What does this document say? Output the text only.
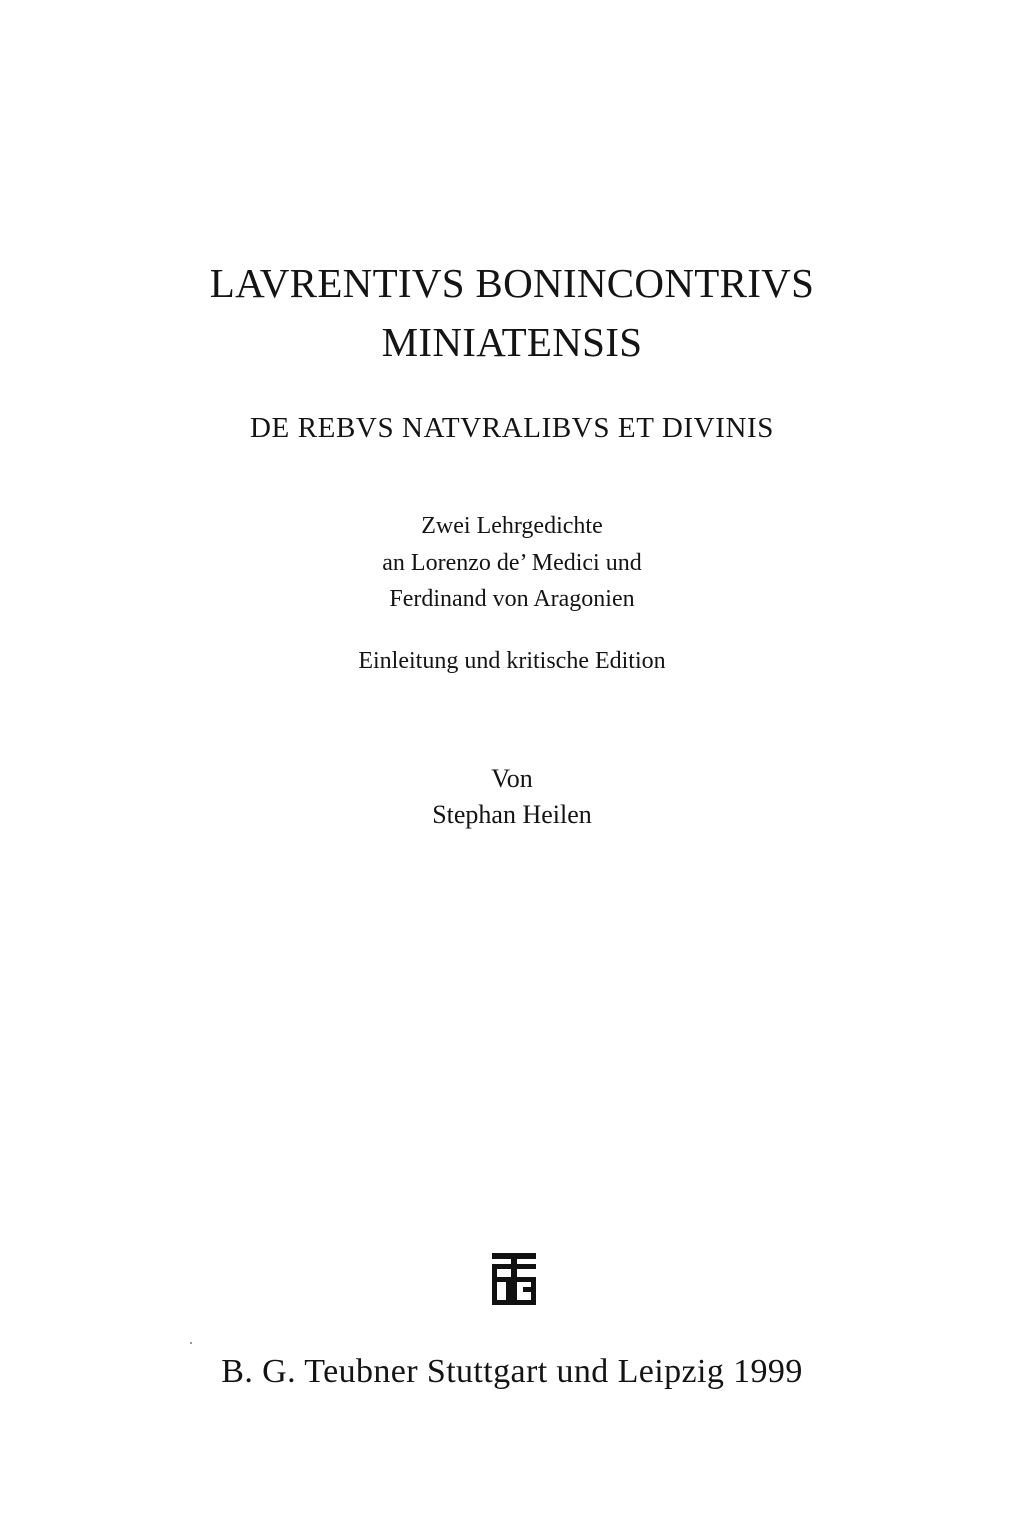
LAVRENTIVS BONINCONTRIVS
MINIATENSIS
DE REBVS NATVRALIBVS ET DIVINIS
Zwei Lehrgedichte
an Lorenzo de’ Medici und
Ferdinand von Aragonien
Einleitung und kritische Edition
Von
Stephan Heilen
B. G. Teubner Stuttgart und Leipzig 1999
